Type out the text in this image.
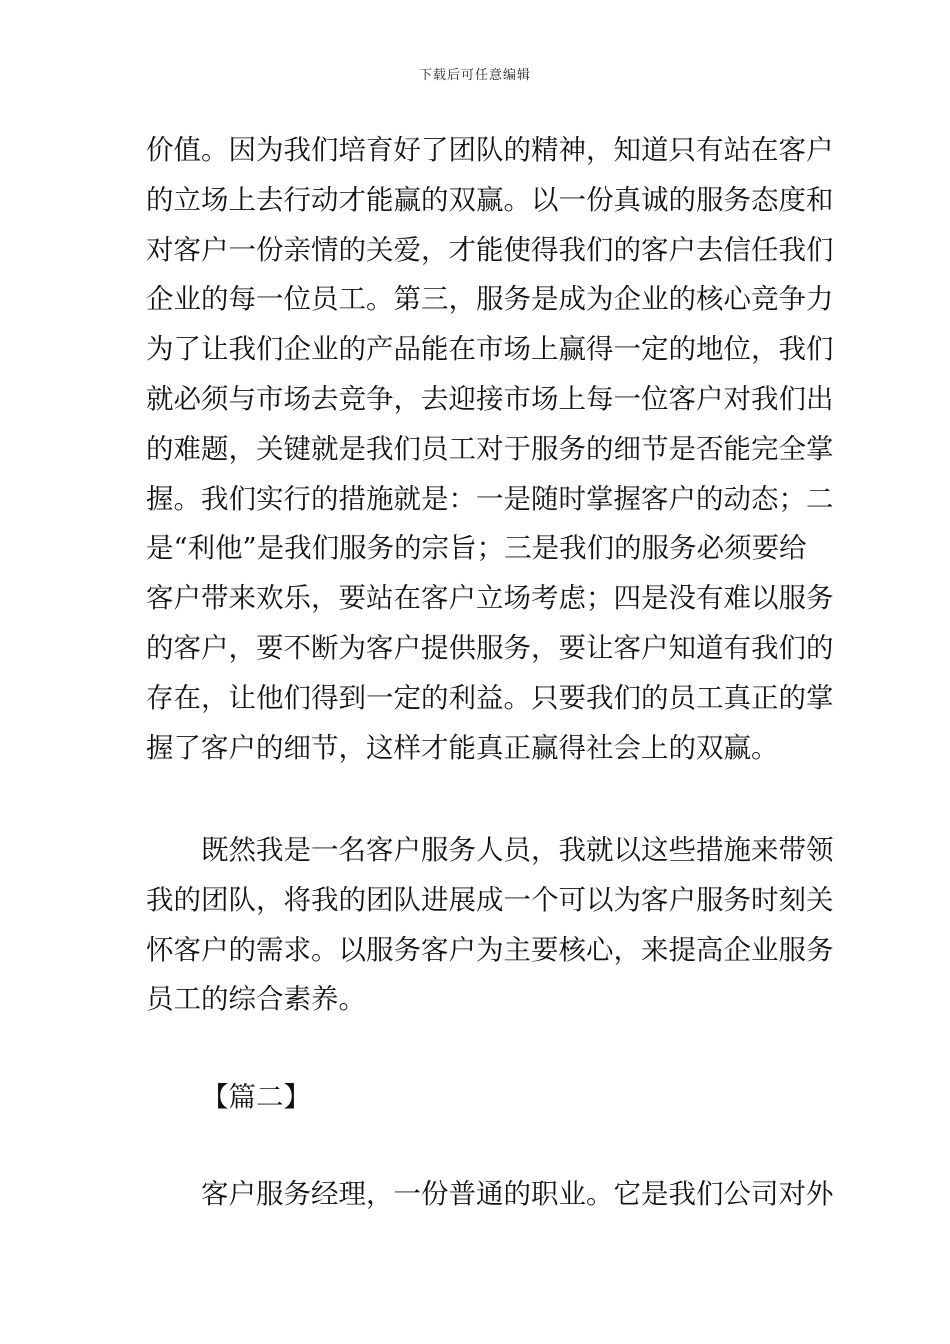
下载后可任意编辑
价值。因为我们培育好了团队的精神，知道只有站在客户
的立场上去行动才能赢的双赢。以一份真诚的服务态度和
对客户一份亲情的关爱，才能使得我们的客户去信任我们
企业的每一位员工。第三，服务是成为企业的核心竞争力
为了让我们企业的产品能在市场上赢得一定的地位，我们
就必须与市场去竞争，去迎接市场上每一位客户对我们出
的难题，关键就是我们员工对于服务的细节是否能完全掌
握。我们实行的措施就是：一是随时掌握客户的动态；二
是“利他”是我们服务的宗旨；三是我们的服务必须要给
客户带来欢乐，要站在客户立场考虑；四是没有难以服务
的客户，要不断为客户提供服务，要让客户知道有我们的
存在，让他们得到一定的利益。只要我们的员工真正的掌
握了客户的细节，这样才能真正赢得社会上的双赢。
既然我是一名客户服务人员，我就以这些措施来带领
我的团队，将我的团队进展成一个可以为客户服务时刻关
怀客户的需求。以服务客户为主要核心，来提高企业服务
员工的综合素养。
【篇二】
客户服务经理，一份普通的职业。它是我们公司对外
